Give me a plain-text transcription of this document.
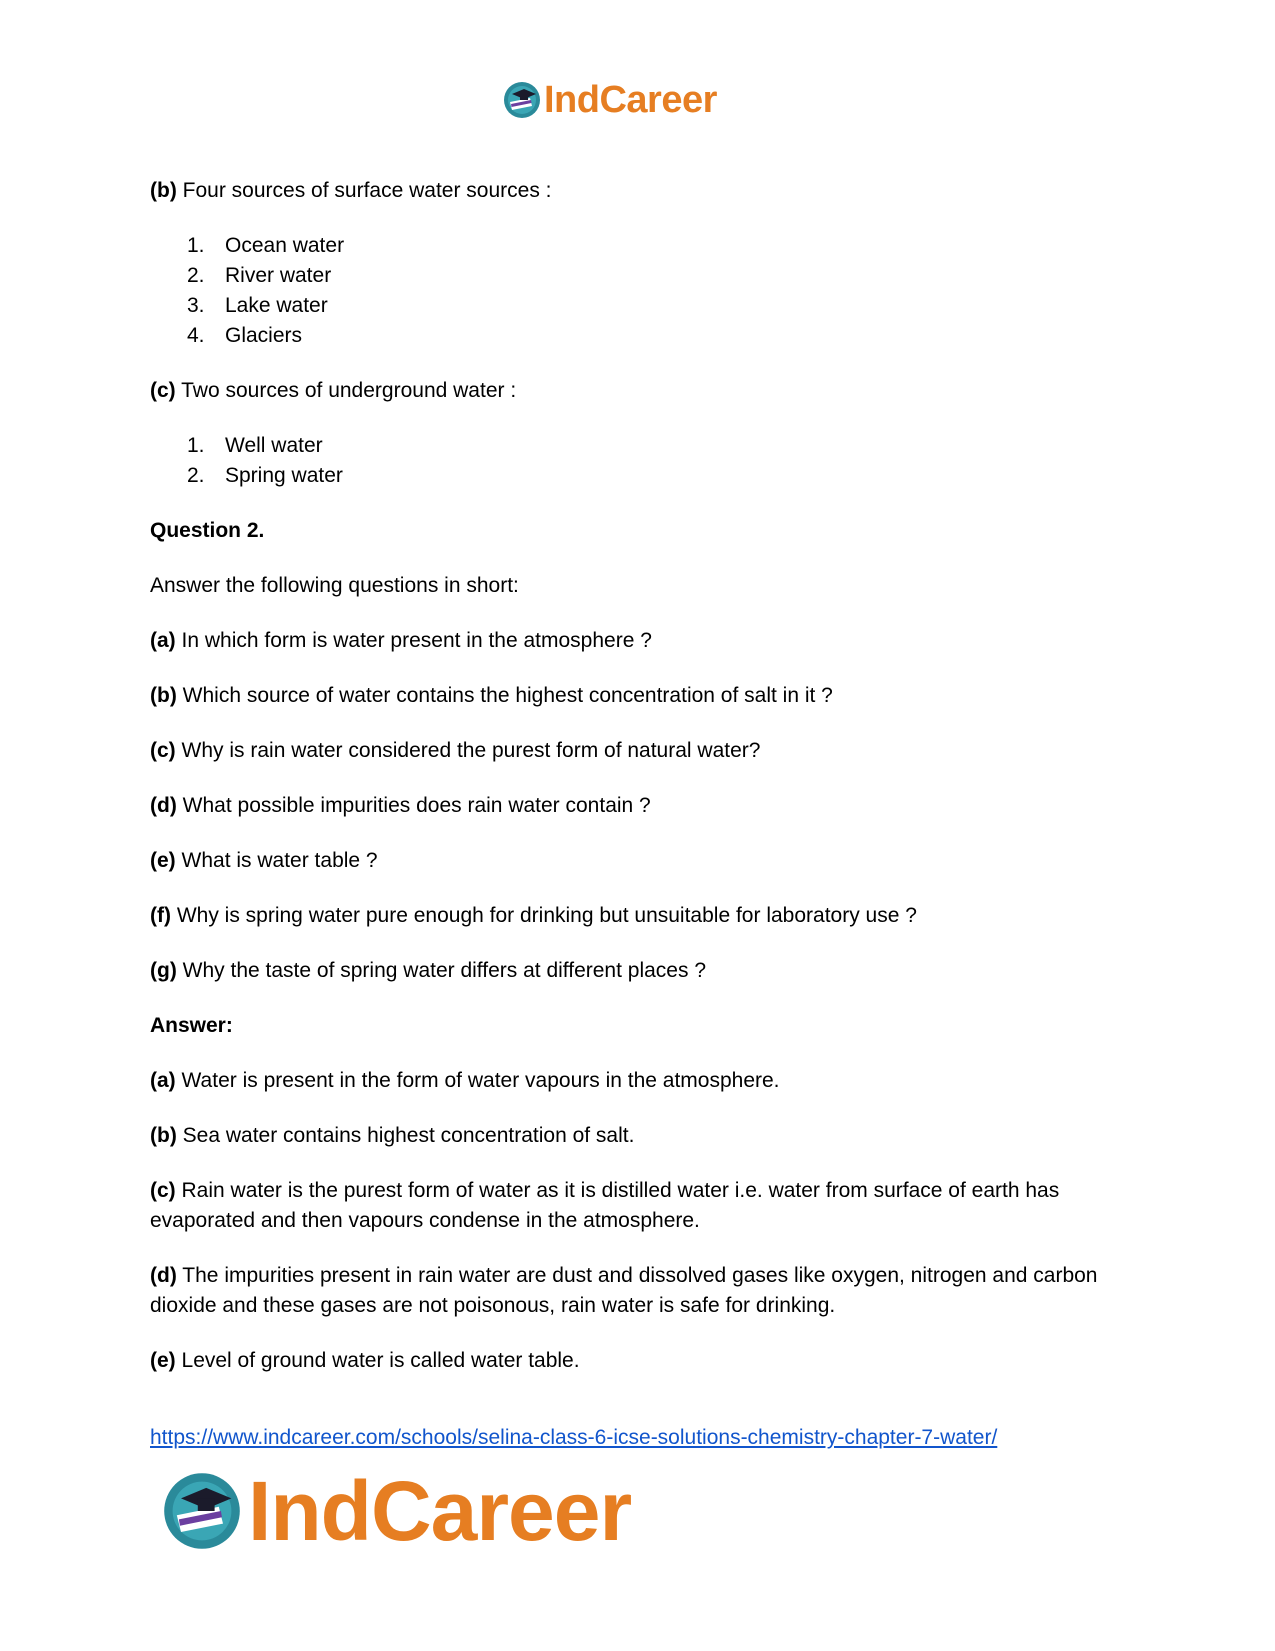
IndCareer

(b) Four sources of surface water sources :

1. Ocean water
2. River water
3. Lake water
4. Glaciers

(c) Two sources of underground water :

1. Well water
2. Spring water

Question 2.

Answer the following questions in short:

(a) In which form is water present in the atmosphere ?

(b) Which source of water contains the highest concentration of salt in it ?

(c) Why is rain water considered the purest form of natural water?

(d) What possible impurities does rain water contain ?

(e) What is water table ?

(f) Why is spring water pure enough for drinking but unsuitable for laboratory use ?

(g) Why the taste of spring water differs at different places ?

Answer:

(a) Water is present in the form of water vapours in the atmosphere.

(b) Sea water contains highest concentration of salt.

(c) Rain water is the purest form of water as it is distilled water i.e. water from surface of earth has evaporated and then vapours condense in the atmosphere.

(d) The impurities present in rain water are dust and dissolved gases like oxygen, nitrogen and carbon dioxide and these gases are not poisonous, rain water is safe for drinking.

(e) Level of ground water is called water table.

https://www.indcareer.com/schools/selina-class-6-icse-solutions-chemistry-chapter-7-water/
IndCareer
